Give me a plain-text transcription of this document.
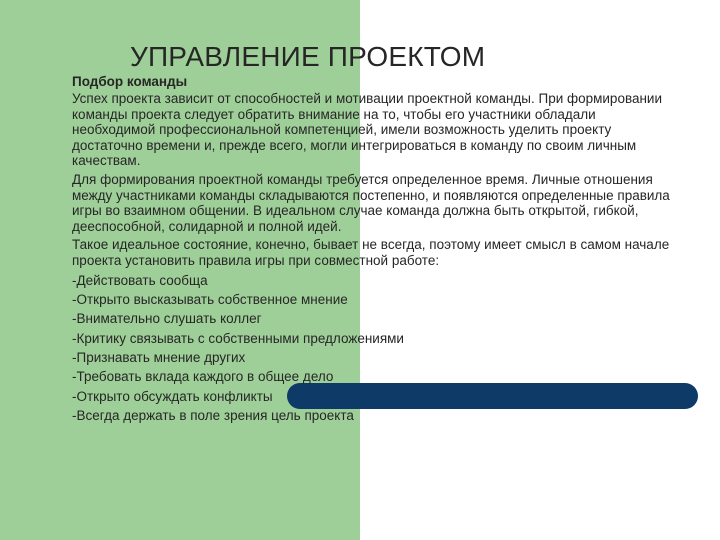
УПРАВЛЕНИЕ ПРОЕКТОМ
Подбор команды

Успех проекта зависит от способностей и мотивации проектной команды. При формировании команды проекта следует обратить внимание на то, чтобы его участники обладали необходимой профессиональной компетенцией, имели возможность уделить проекту достаточно времени и, прежде всего, могли интегрироваться в команду по своим личным качествам.

Для формирования проектной команды требуется определенное время. Личные отношения между участниками команды складываются постепенно, и появляются определенные правила игры во взаимном общении. В идеальном случае команда должна быть открытой, гибкой, дееспособной, солидарной и полной идей.

Такое идеальное состояние, конечно, бывает не всегда, поэтому имеет смысл в самом начале проекта установить правила игры при совместной работе:

-Действовать сообща
-Открыто высказывать собственное мнение
-Внимательно слушать коллег
-Критику связывать с собственными предложениями
-Признавать мнение других
-Требовать вклада каждого в общее дело
-Открыто обсуждать конфликты
-Всегда держать в поле зрения цель проекта
